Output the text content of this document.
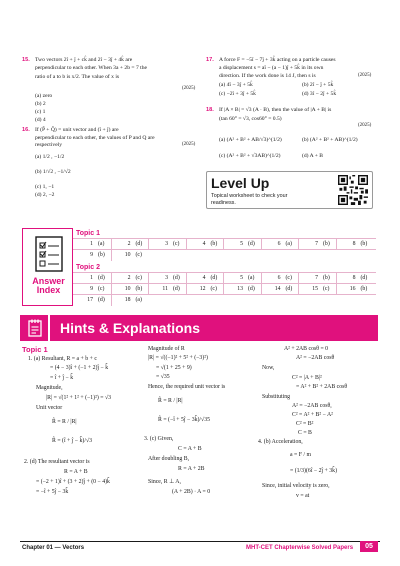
15. Two vectors 2î + ĵ + ck̂ and 2î − 3ĵ + 4k̂ are
perpendicular to each other. When 3a + 2b = 7 the
ratio of a to b is x/2. The value of x is
(2025)
(a) zero
(b) 2
(c) 1
(d) 4
16. If (P̂ + Q̂) = unit vector and (î + ĵ) are
perpendicular to each other, the values of P and Q are
respectively	(2025)
(a) 1/2 , −1/2
(b) 1/√2 , −1/√2
(c) 1, −1
(d) 2, −2
17. A force F = −5î − 7ĵ + 3k̂ acting on a particle causes
a displacement s = aî − (a − 1)ĵ + 5k̂ in its own
direction. If the work done is 14 J, then s is	(2025)
(a) 4î − 3ĵ + 5k̂	(b) 2î − ĵ + 5k̂
(c) −2î + 3ĵ + 5k̂	(d) 3î − 2ĵ + 5k̂
18. If |A × B| = √3 (A · B), then the value of |A + B| is
(tan 60° = √3, cos60° = 0.5)
(2025)
(a) (A² + B² + AB/√3)^(1/2)	(b) (A² + B² + AB)^(1/2)
(c) (A² + B² + √3AB)^(1/2)	(d) A + B
Level Up
Topical worksheet to check your readiness.
Answer
Index
Topic 1
1 (a)	2 (d)	3 (c)	4 (b)	5 (d)	6 (a)	7 (b)	8 (b)
9 (b)	10 (c)
Topic 2
1 (d)	2 (c)	3 (d)	4 (d)	5 (a)	6 (c)	7 (b)	8 (d)
9 (c)	10 (b)	11 (d)	12 (c)	13 (d)	14 (d)	15 (c)	16 (b)
17 (d)	18 (a)
Hints & Explanations
Topic 1
1. (a) Resultant, R = a + b + c
= (4 − 3)î + (−1 + 2)ĵ − k̂
= î + ĵ − k̂
Magnitude,
|R| = √(1² + 1² + (−1)²) = √3
Unit vector
R̂ = R / |R|
R̂ = (î + ĵ − k̂)/√3
2. (d) The resultant vector is
R = A + B
= (−2 + 1)î + (3 + 2)ĵ + (0 − 4)k̂
= −î + 5ĵ − 3k̂
Magnitude of R
|R| = √((−1)² + 5² + (−3)²)
= √(1 + 25 + 9)
= √35
Hence, the required unit vector is
R̂ = R / |R|
R̂ = (−î + 5ĵ − 3k̂)/√35
3. (c) Given,
C = A + B
After doubling B,
R = A + 2B
Since, R ⊥ A,
(A + 2B) · A = 0
A² + 2AB cosθ = 0
A² = −2AB cosθ
Now,
C² = |A + B|²
= A² + B² + 2AB cosθ
Substituting
A² = −2AB cosθ,
C² = A² + B² − A²
C² = B²
C = B
4. (b) Acceleration,
a = F / m
= (1/3)(6î − 2ĵ + 3k̂)
Since, initial velocity is zero,
v = at
Chapter 01 — Vectors	MHT-CET Chapterwise Solved Papers	05
